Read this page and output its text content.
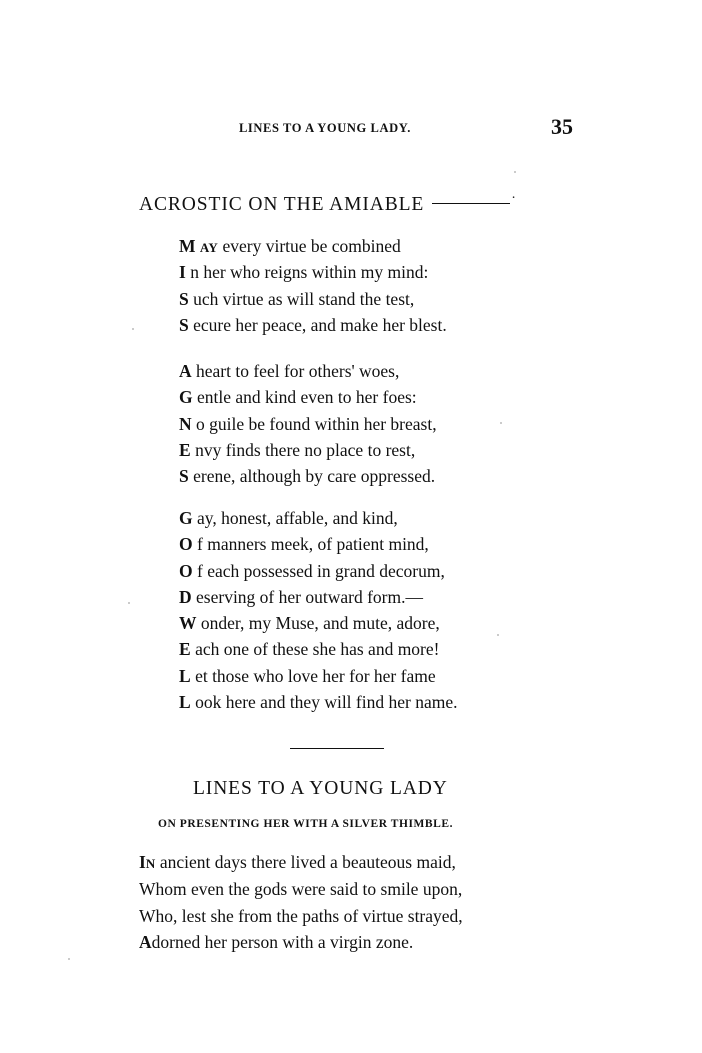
LINES TO A YOUNG LADY.	35
ACROSTIC ON THE AMIABLE	·
M AY every virtue be combined
I n her who reigns within my mind:
S uch virtue as will stand the test,
S ecure her peace, and make her blest.
A heart to feel for others' woes,
G entle and kind even to her foes:
N o guile be found within her breast,
E nvy finds there no place to rest,
S erene, although by care oppressed.
G ay, honest, affable, and kind,
O f manners meek, of patient mind,
O f each possessed in grand decorum,
D eserving of her outward form.—
W onder, my Muse, and mute, adore,
E ach one of these she has and more!
L et those who love her for her fame
L ook here and they will find her name.
LINES TO A YOUNG LADY
ON PRESENTING HER WITH A SILVER THIMBLE.
IN ancient days there lived a beauteous maid,
Whom even the gods were said to smile upon,
Who, lest she from the paths of virtue strayed,
Adorned her person with a virgin zone.
